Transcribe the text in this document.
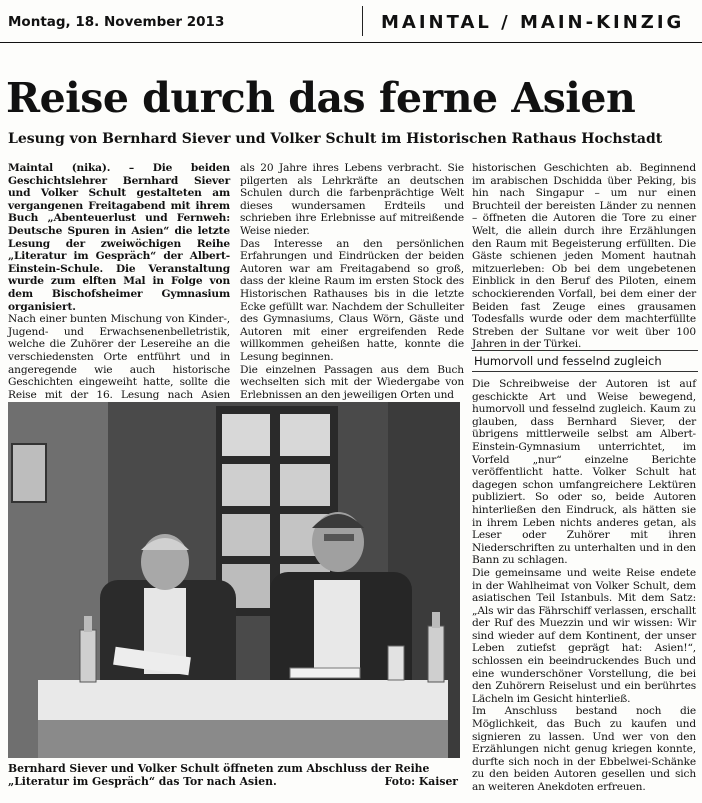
Montag, 18. November 2013	MAINTAL / MAIN-KINZIG
Reise durch das ferne Asien
Lesung von Bernhard Siever und Volker Schult im Historischen Rathaus Hochstadt

Maintal (nika). – Die beiden Geschichtslehrer Bernhard Siever und Volker Schult gestalteten am vergangenen Freitagabend mit ihrem Buch „Abenteuerlust und Fernweh: Deutsche Spuren in Asien“ die letzte Lesung der zweiwöchigen Reihe „Literatur im Gespräch“ der Albert-Einstein-Schule. Die Veranstaltung wurde zum elften Mal in Folge von dem Bischofsheimer Gymnasium organisiert.

Nach einer bunten Mischung von Kinder-, Jugend- und Erwachsenenbelletristik, welche die Zuhörer der Lesereihe an die verschiedensten Orte entführt und in angeregende wie auch historische Geschichten eingeweiht hatte, sollte die Reise mit der 16. Lesung nach Asien

als 20 Jahre ihres Lebens verbracht. Sie pilgerten als Lehrkräfte an deutschen Schulen durch die farbenprächtige Welt dieses wundersamen Erdteils und schrieben ihre Erlebnisse auf mitreißende Weise nieder.

Das Interesse an den persönlichen Erfahrungen und Eindrücken der beiden Autoren war am Freitagabend so groß, dass der kleine Raum im ersten Stock des Historischen Rathauses bis in die letzte Ecke gefüllt war. Nachdem der Schulleiter des Gymnasiums, Claus Wörn, Gäste und Autoren mit einer ergreifenden Rede willkommen geheißen hatte, konnte die Lesung beginnen.

Die einzelnen Passagen aus dem Buch wechselten sich mit der Wiedergabe von Erlebnissen an den jeweiligen Orten und

historischen Geschichten ab. Beginnend im arabischen Dschidda über Peking, bis hin nach Singapur – um nur einen Bruchteil der bereisten Länder zu nennen – öffneten die Autoren die Tore zu einer Welt, die allein durch ihre Erzählungen den Raum mit Begeisterung erfüllten. Die Gäste schienen jeden Moment hautnah mitzuerleben: Ob bei dem ungebetenen Einblick in den Beruf des Piloten, einem schockierenden Vorfall, bei dem einer der Beiden fast Zeuge eines grausamen Todesfalls wurde oder dem machterfüllte Streben der Sultane vor weit über 100 Jahren in der Türkei.

Humorvoll und fesselnd zugleich

Die Schreibweise der Autoren ist auf geschickte Art und Weise bewegend, humorvoll und fesselnd zugleich. Kaum zu glauben, dass Bernhard Siever, der übrigens mittlerweile selbst am Albert-Einstein-Gymnasium unterrichtet, im Vorfeld „nur“ einzelne Berichte veröffentlicht hatte. Volker Schult hat dagegen schon umfangreichere Lektüren publiziert. So oder so, beide Autoren hinterließen den Eindruck, als hätten sie in ihrem Leben nichts anderes getan, als Leser oder Zuhörer mit ihren Niederschriften zu unterhalten und in den Bann zu schlagen.

Die gemeinsame und weite Reise endete in der Wahlheimat von Volker Schult, dem asiatischen Teil Istanbuls. Mit dem Satz: „Als wir das Fährschiff verlassen, erschallt der Ruf des Muezzin und wir wissen: Wir sind wieder auf dem Kontinent, der unser Leben zutiefst geprägt hat: Asien!“, schlossen ein beeindruckendes Buch und eine wunderschöner Vorstellung, die bei den Zuhörern Reiselust und ein berührtes Lächeln im Gesicht hinterließ.

Im Anschluss bestand noch die Möglichkeit, das Buch zu kaufen und signieren zu lassen. Und wer von den Erzählungen nicht genug kriegen konnte, durfte sich noch in der Ebbelwei-Schänke zu den beiden Autoren gesellen und sich an weiteren Anekdoten erfreuen.

Bernhard Siever und Volker Schult öffneten zum Abschluss der Reihe „Literatur im Gespräch“ das Tor nach Asien.	Foto: Kaiser
